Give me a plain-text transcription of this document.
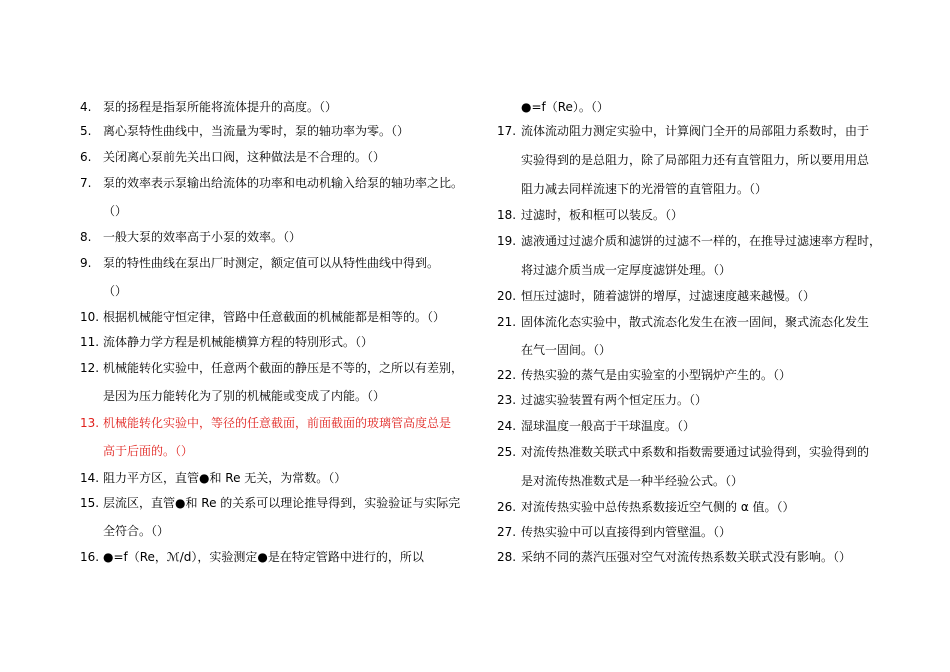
4. 泵的扬程是指泵所能将流体提升的高度。（）
5. 离心泵特性曲线中，当流量为零时，泵的轴功率为零。（）
6. 关闭离心泵前先关出口阀，这种做法是不合理的。（）
7. 泵的效率表示泵输出给流体的功率和电动机输入给泵的轴功率之比。
（）
8. 一般大泵的效率高于小泵的效率。（）
9. 泵的特性曲线在泵出厂时测定，额定值可以从特性曲线中得到。
（）
10. 根据机械能守恒定律，管路中任意截面的机械能都是相等的。（）
11. 流体静力学方程是机械能横算方程的特別形式。（）
12. 机械能转化实验中，任意两个截面的静压是不等的，之所以有差别，
是因为压力能转化为了别的机械能或变成了内能。（）
13. 机械能转化实验中，等径的任意截面，前面截面的玻璃管高度总是
高于后面的。（）
14. 阻力平方区，直管●和 Re 无关，为常数。（）
15. 层流区，直管●和 Re 的关系可以理论推导得到，实验验证与实际完
全符合。（）
16. ●=f（Re，ℳ/d），实验测定●是在特定管路中进行的，所以
●=f（Re）。（）
17. 流体流动阻力测定实验中，计算阀门全开的局部阻力系数时，由于
实验得到的是总阻力，除了局部阻力还有直管阻力，所以要用用总
阻力减去同样流速下的光滑管的直管阻力。（）
18. 过滤时，板和框可以装反。（）
19. 滤液通过过滤介质和滤饼的过滤不一样的，在推导过滤速率方程时，
将过滤介质当成一定厚度滤饼处理。（）
20. 恒压过滤时，随着滤饼的增厚，过滤速度越来越慢。（）
21. 固体流化态实验中，散式流态化发生在液一固间，聚式流态化发生
在气一固间。（）
22. 传热实验的蒸气是由实验室的小型锅炉产生的。（）
23. 过滤实验装置有两个恒定压力。（）
24. 湿球温度一般高于干球温度。（）
25. 对流传热准数关联式中系数和指数需要通过试验得到，实验得到的
是对流传热准数式是一种半经验公式。（）
26. 对流传热实验中总传热系数接近空气侧的 α 值。（）
27. 传热实验中可以直接得到内管壁温。（）
28. 采纳不同的蒸汽压强对空气对流传热系数关联式没有影响。（）
